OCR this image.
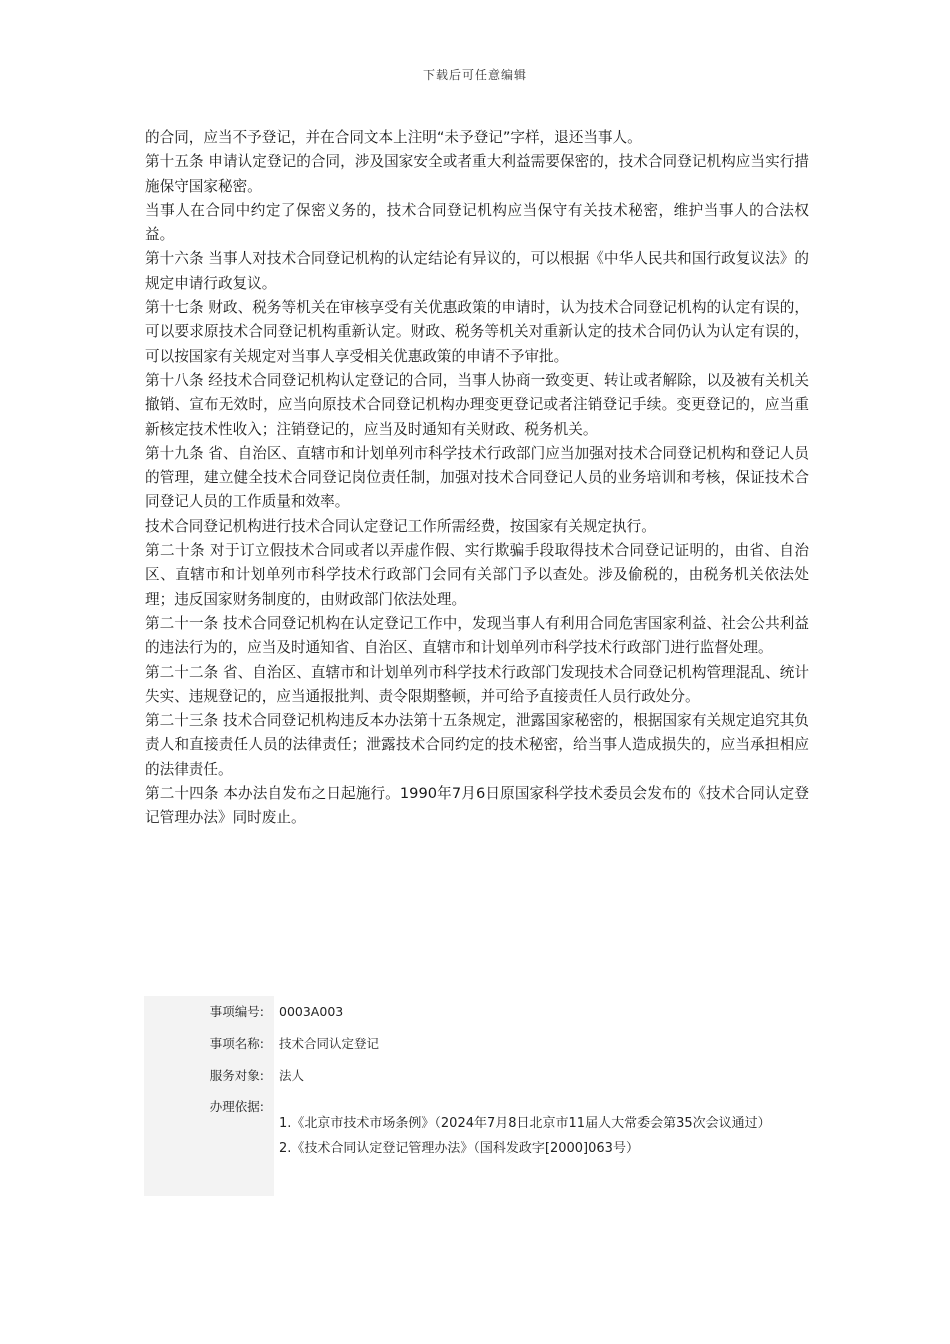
下载后可任意编辑

的合同，应当不予登记，并在合同文本上注明“未予登记”字样，退还当事人。

第十五条 申请认定登记的合同，涉及国家安全或者重大利益需要保密的，技术合同登记机构应当实行措施保守国家秘密。

当事人在合同中约定了保密义务的，技术合同登记机构应当保守有关技术秘密，维护当事人的合法权益。

第十六条 当事人对技术合同登记机构的认定结论有异议的，可以根据《中华人民共和国行政复议法》的规定申请行政复议。

第十七条 财政、税务等机关在审核享受有关优惠政策的申请时，认为技术合同登记机构的认定有误的，可以要求原技术合同登记机构重新认定。财政、税务等机关对重新认定的技术合同仍认为认定有误的，可以按国家有关规定对当事人享受相关优惠政策的申请不予审批。

第十八条 经技术合同登记机构认定登记的合同，当事人协商一致变更、转让或者解除，以及被有关机关撤销、宣布无效时，应当向原技术合同登记机构办理变更登记或者注销登记手续。变更登记的，应当重新核定技术性收入；注销登记的，应当及时通知有关财政、税务机关。

第十九条 省、自治区、直辖市和计划单列市科学技术行政部门应当加强对技术合同登记机构和登记人员的管理，建立健全技术合同登记岗位责任制，加强对技术合同登记人员的业务培训和考核，保证技术合同登记人员的工作质量和效率。

技术合同登记机构进行技术合同认定登记工作所需经费，按国家有关规定执行。

第二十条 对于订立假技术合同或者以弄虚作假、实行欺骗手段取得技术合同登记证明的，由省、自治区、直辖市和计划单列市科学技术行政部门会同有关部门予以查处。涉及偷税的，由税务机关依法处理；违反国家财务制度的，由财政部门依法处理。

第二十一条 技术合同登记机构在认定登记工作中，发现当事人有利用合同危害国家利益、社会公共利益的违法行为的，应当及时通知省、自治区、直辖市和计划单列市科学技术行政部门进行监督处理。

第二十二条 省、自治区、直辖市和计划单列市科学技术行政部门发现技术合同登记机构管理混乱、统计失实、违规登记的，应当通报批判、责令限期整顿，并可给予直接责任人员行政处分。

第二十三条 技术合同登记机构违反本办法第十五条规定，泄露国家秘密的，根据国家有关规定追究其负责人和直接责任人员的法律责任；泄露技术合同约定的技术秘密，给当事人造成损失的，应当承担相应的法律责任。

第二十四条 本办法自发布之日起施行。1990年7月6日原国家科学技术委员会发布的《技术合同认定登记管理办法》同时废止。

事项编号:	0003A003
事项名称:	技术合同认定登记
服务对象:	法人
办理依据:
1.《北京市技术市场条例》（2024年7月8日北京市11届人大常委会第35次会议通过）
2.《技术合同认定登记管理办法》（国科发政字[2000]063号）
